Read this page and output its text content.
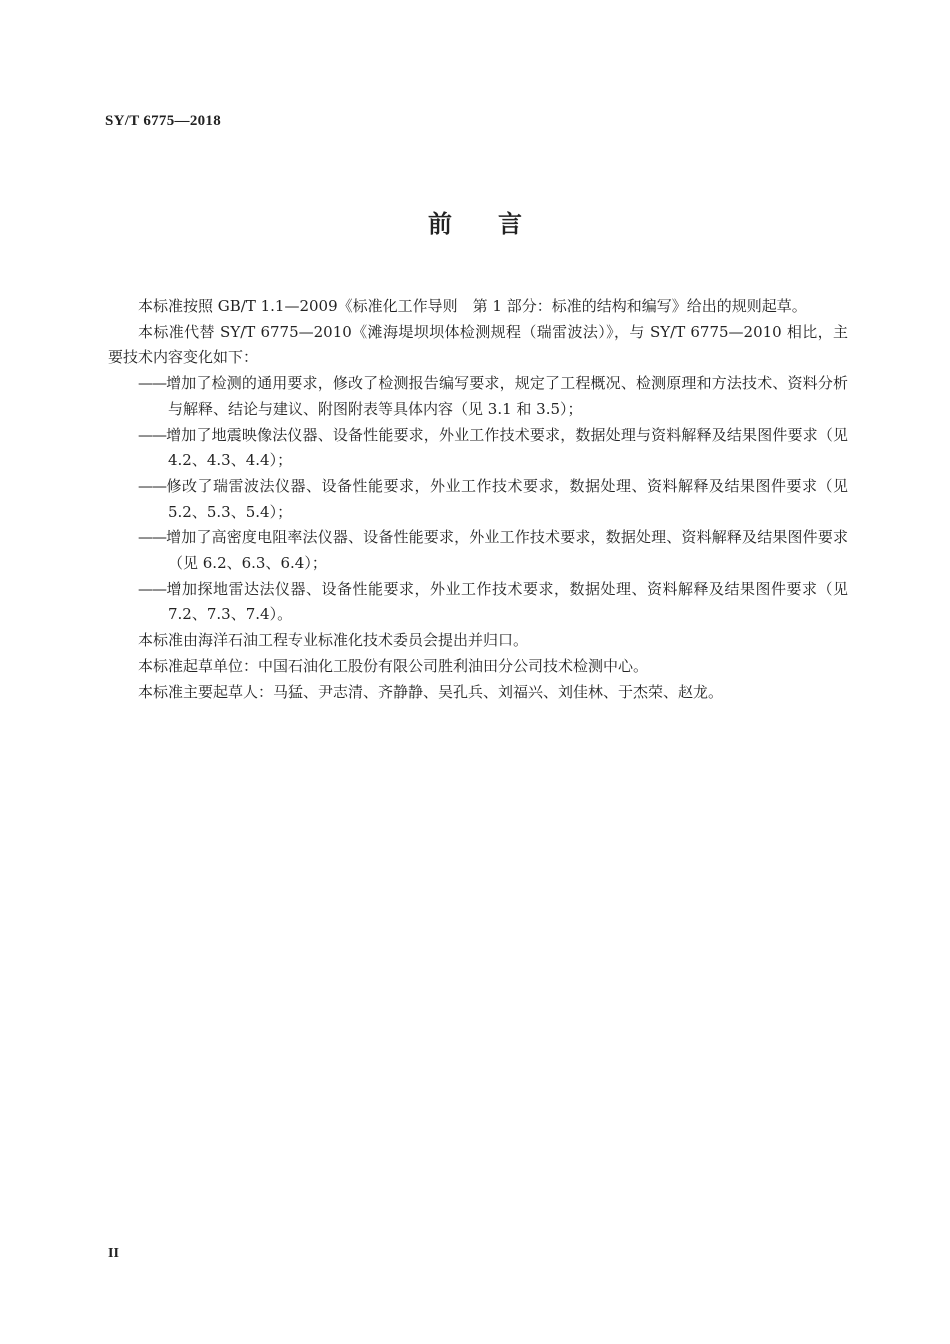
SY/T 6775—2018
前言

本标准按照 GB/T 1.1—2009《标准化工作导则　第 1 部分：标准的结构和编写》给出的规则起草。

本标准代替 SY/T 6775—2010《滩海堤坝坝体检测规程（瑞雷波法）》，与 SY/T 6775—2010 相比，主要技术内容变化如下：

——增加了检测的通用要求，修改了检测报告编写要求，规定了工程概况、检测原理和方法技术、资料分析与解释、结论与建议、附图附表等具体内容（见 3.1 和 3.5）；

——增加了地震映像法仪器、设备性能要求，外业工作技术要求，数据处理与资料解释及结果图件要求（见 4.2、4.3、4.4）；

——修改了瑞雷波法仪器、设备性能要求，外业工作技术要求，数据处理、资料解释及结果图件要求（见 5.2、5.3、5.4）；

——增加了高密度电阻率法仪器、设备性能要求，外业工作技术要求，数据处理、资料解释及结果图件要求（见 6.2、6.3、6.4）；

——增加探地雷达法仪器、设备性能要求，外业工作技术要求，数据处理、资料解释及结果图件要求（见 7.2、7.3、7.4）。

本标准由海洋石油工程专业标准化技术委员会提出并归口。

本标准起草单位：中国石油化工股份有限公司胜利油田分公司技术检测中心。

本标准主要起草人：马猛、尹志清、齐静静、吴孔兵、刘福兴、刘佳林、于杰荣、赵龙。

II
